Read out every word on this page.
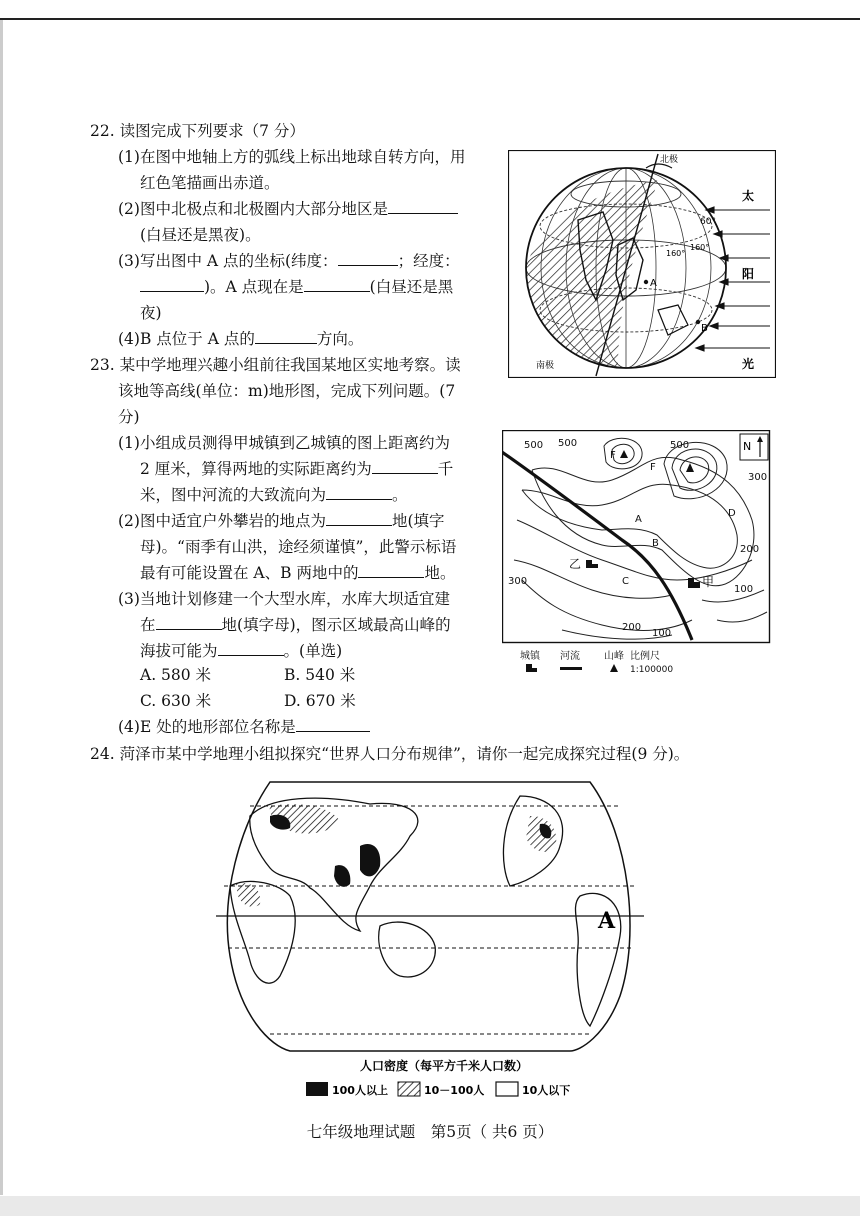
22. 读图完成下列要求（7 分）
(1)在图中地轴上方的弧线上标出地球自转方向，用
红色笔描画出赤道。
(2)图中北极点和北极圈内大部分地区是
(白昼还是黑夜)。
(3)写出图中 A 点的坐标(纬度：	；经度：
)。A 点现在是	(白昼还是黑
夜)
(4)B 点位于 A 点的	方向。
北极
南极
60°
160°
160°
A
B
太
阳
光
23. 某中学地理兴趣小组前往我国某地区实地考察。读
该地等高线(单位：m)地形图，完成下列问题。(7
分)
(1)小组成员测得甲城镇到乙城镇的图上距离约为
2 厘米，算得两地的实际距离约为	千
米，图中河流的大致流向为	。
(2)图中适宜户外攀岩的地点为	地(填字
母)。“雨季有山洪，途经须谨慎”，此警示标语
最有可能设置在 A、B 两地中的	地。
(3)当地计划修建一个大型水库，水库大坝适宜建
在	地(填字母)，图示区域最高山峰的
海拔可能为	。(单选)
A. 580 米	B. 540 米
C. 630 米	D. 670 米
(4)E 处的地形部位名称是
500 500	500
300
300
200
200
100
100
F
F
A
B
C
D
乙
甲
N
城镇 河流 山峰 比例尺
1:100000
24. 菏泽市某中学地理小组拟探究“世界人口分布规律”，请你一起完成探究过程(9 分)。
A
人口密度（每平方千米人口数）
100人以上	10－100人	10人以下
七年级地理试题　第5页（ 共6 页）
